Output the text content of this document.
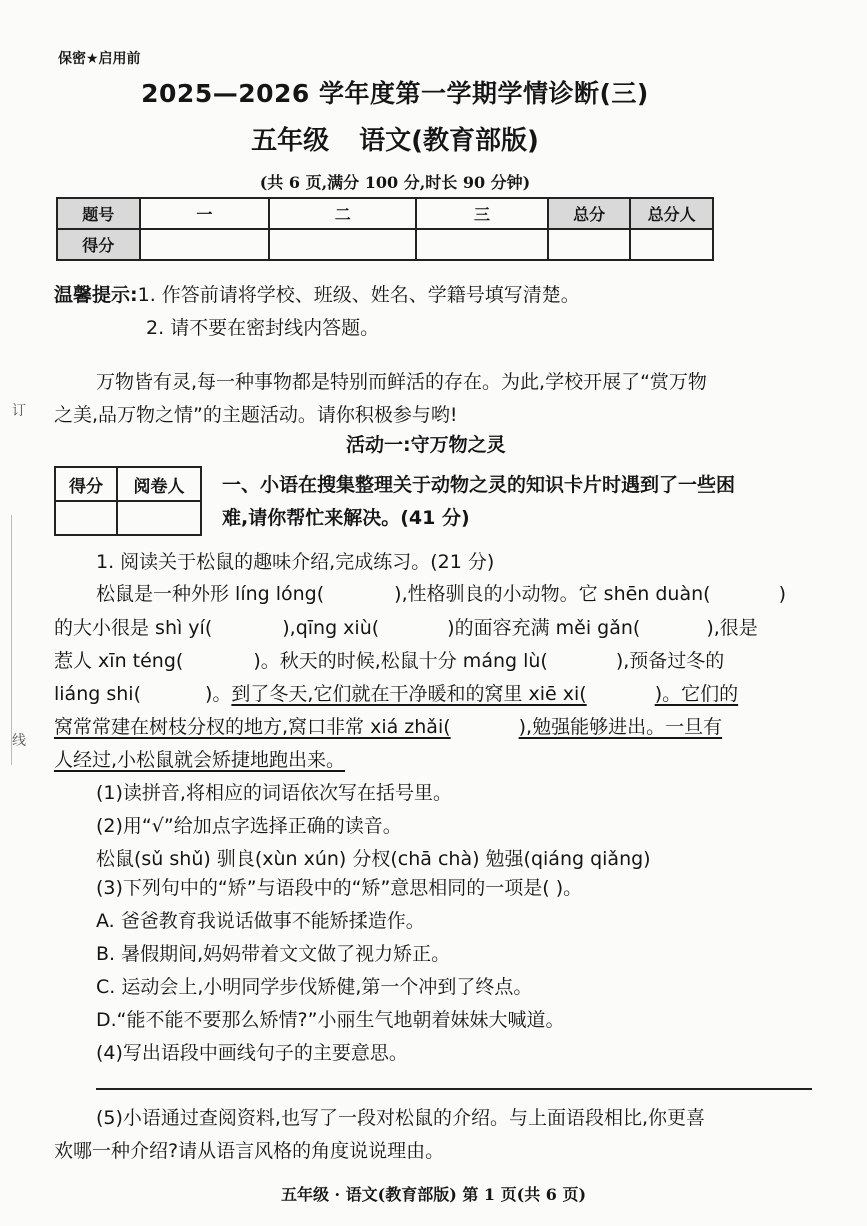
保密★启用前
2025—2026 学年度第一学期学情诊断(三)
五年级 语文(教育部版)
(共 6 页,满分 100 分,时长 90 分钟)
题号	一	二	三	总分	总分人
得分					
温馨提示:1. 作答前请将学校、班级、姓名、学籍号填写清楚。
2. 请不要在密封线内答题。
万物皆有灵,每一种事物都是特别而鲜活的存在。为此,学校开展了“赏万物
之美,品万物之情”的主题活动。请你积极参与哟!
活动一:守万物之灵
得分	阅卷人
	一、小语在搜集整理关于动物之灵的知识卡片时遇到了一些困
难,请你帮忙来解决。(41 分)
1. 阅读关于松鼠的趣味介绍,完成练习。(21 分)
松鼠是一种外形 líng lóng(	),性格驯良的小动物。它 shēn duàn(	)
的大小很是 shì yí(	),qīng xiù(	)的面容充满 měi gǎn(	),很是
惹人 xīn téng(	)。秋天的时候,松鼠十分 máng lù(	),预备过冬的
liáng shi(	)。到了冬天,它们就在干净暖和的窝里 xiē xi(	)。它们的
窝常常建在树枝分杈的地方,窝口非常 xiá zhǎi(	),勉强能够进出。一旦有
人经过,小松鼠就会矫捷地跑出来。
(1)读拼音,将相应的词语依次写在括号里。
(2)用“√”给加点字选择正确的读音。
松鼠(sǔ shǔ) 驯良(xùn xún) 分杈(chā chà) 勉强(qiáng qiǎng)
(3)下列句中的“矫”与语段中的“矫”意思相同的一项是( )。
A. 爸爸教育我说话做事不能矫揉造作。
B. 暑假期间,妈妈带着文文做了视力矫正。
C. 运动会上,小明同学步伐矫健,第一个冲到了终点。
D.“能不能不要那么矫情?”小丽生气地朝着妹妹大喊道。
(4)写出语段中画线句子的主要意思。
(5)小语通过查阅资料,也写了一段对松鼠的介绍。与上面语段相比,你更喜
欢哪一种介绍?请从语言风格的角度说说理由。
五年级 · 语文(教育部版) 第 1 页(共 6 页)
订
线
